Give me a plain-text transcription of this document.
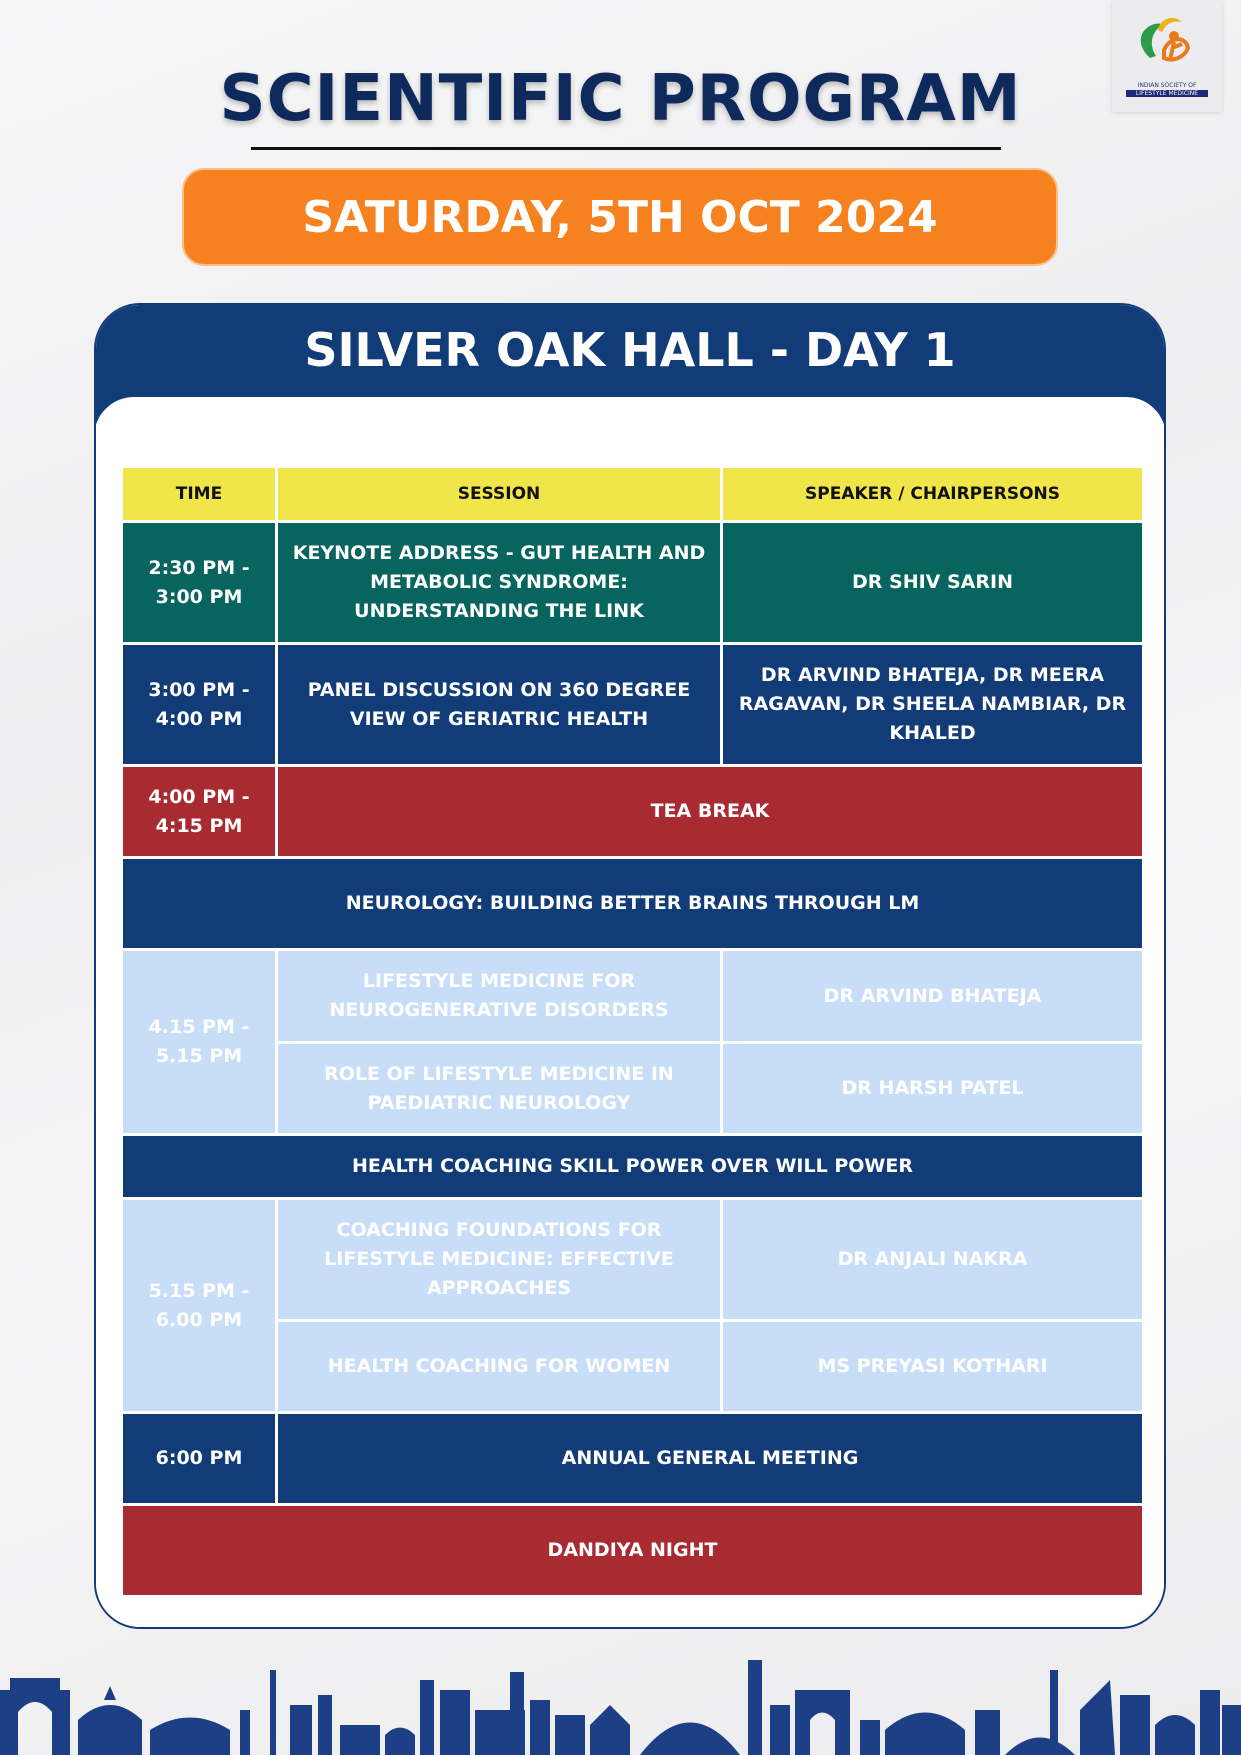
INDIAN SOCIETY OF
LIFESTYLE MEDICINE
SCIENTIFIC PROGRAM
SATURDAY, 5TH OCT 2024
SILVER OAK HALL - DAY 1
TIME	SESSION	SPEAKER / CHAIRPERSONS
2:30 PM - 3:00 PM	KEYNOTE ADDRESS - GUT HEALTH AND METABOLIC SYNDROME: UNDERSTANDING THE LINK	DR SHIV SARIN
3:00 PM - 4:00 PM	PANEL DISCUSSION ON 360 DEGREE VIEW OF GERIATRIC HEALTH	DR ARVIND BHATEJA, DR MEERA RAGAVAN, DR SHEELA NAMBIAR, DR KHALED
4:00 PM - 4:15 PM	TEA BREAK	
NEUROLOGY: BUILDING BETTER BRAINS THROUGH LM		
4.15 PM - 5.15 PM	LIFESTYLE MEDICINE FOR NEUROGENERATIVE DISORDERS	DR ARVIND BHATEJA
	ROLE OF LIFESTYLE MEDICINE IN PAEDIATRIC NEUROLOGY	DR HARSH PATEL
HEALTH COACHING SKILL POWER OVER WILL POWER		
5.15 PM - 6.00 PM	COACHING FOUNDATIONS FOR LIFESTYLE MEDICINE: EFFECTIVE APPROACHES	DR ANJALI NAKRA
	HEALTH COACHING FOR WOMEN	MS PREYASI KOTHARI
6:00 PM	ANNUAL GENERAL MEETING	
DANDIYA NIGHT		
